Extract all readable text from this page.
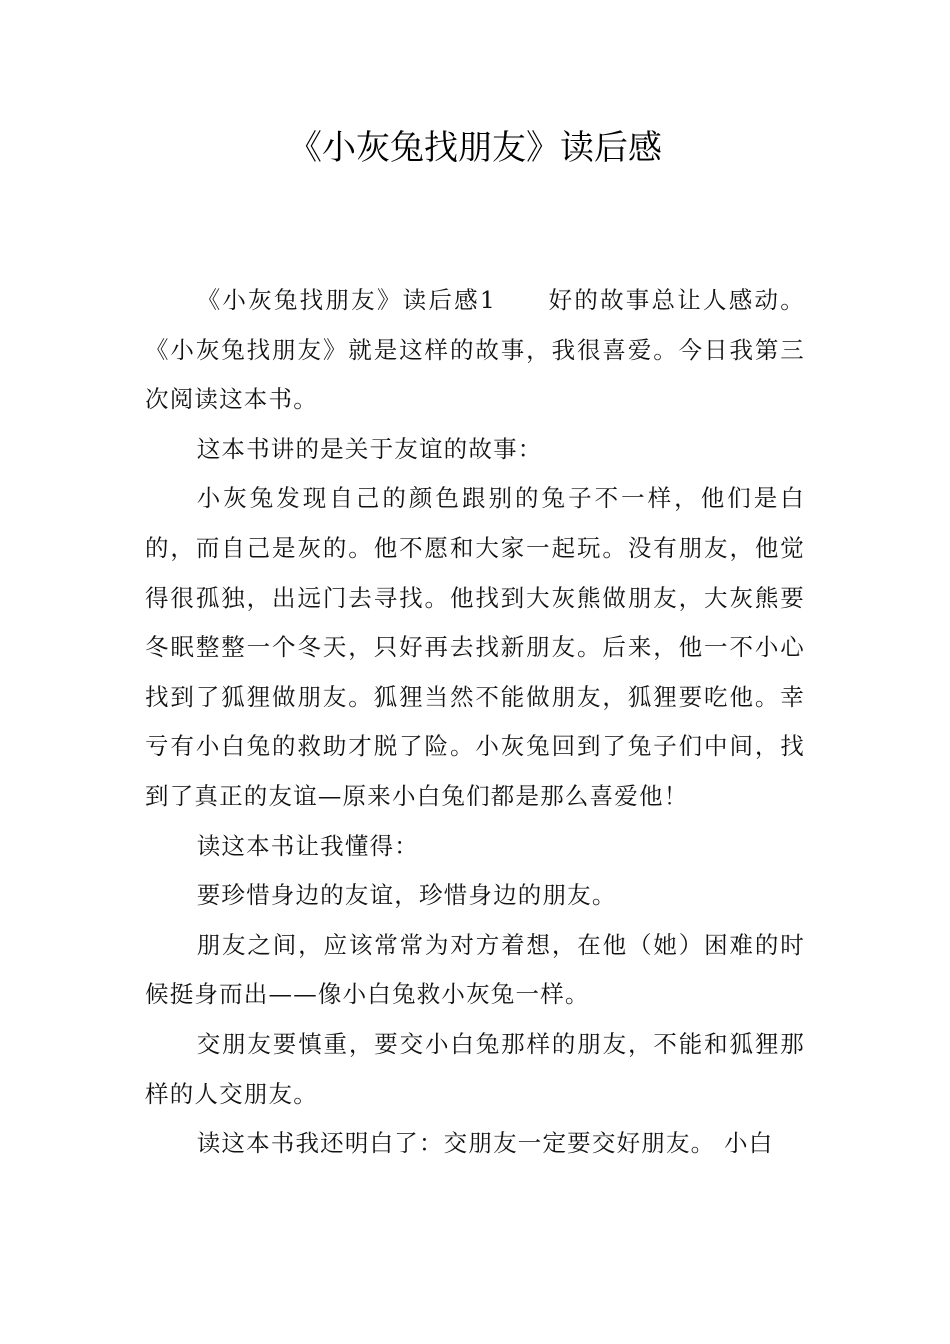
《小灰兔找朋友》读后感

《小灰兔找朋友》读后感1　　好的故事总让人感动。《小灰兔找朋友》就是这样的故事，我很喜爱。今日我第三次阅读这本书。

这本书讲的是关于友谊的故事：

小灰兔发现自己的颜色跟别的兔子不一样，他们是白的，而自己是灰的。他不愿和大家一起玩。没有朋友，他觉得很孤独，出远门去寻找。他找到大灰熊做朋友，大灰熊要冬眠整整一个冬天，只好再去找新朋友。后来，他一不小心找到了狐狸做朋友。狐狸当然不能做朋友，狐狸要吃他。幸亏有小白兔的救助才脱了险。小灰兔回到了兔子们中间，找到了真正的友谊—原来小白兔们都是那么喜爱他！

读这本书让我懂得：

要珍惜身边的友谊，珍惜身边的朋友。

朋友之间，应该常常为对方着想，在他（她）困难的时候挺身而出——像小白兔救小灰兔一样。

交朋友要慎重，要交小白兔那样的朋友，不能和狐狸那样的人交朋友。

读这本书我还明白了：交朋友一定要交好朋友。 小白
